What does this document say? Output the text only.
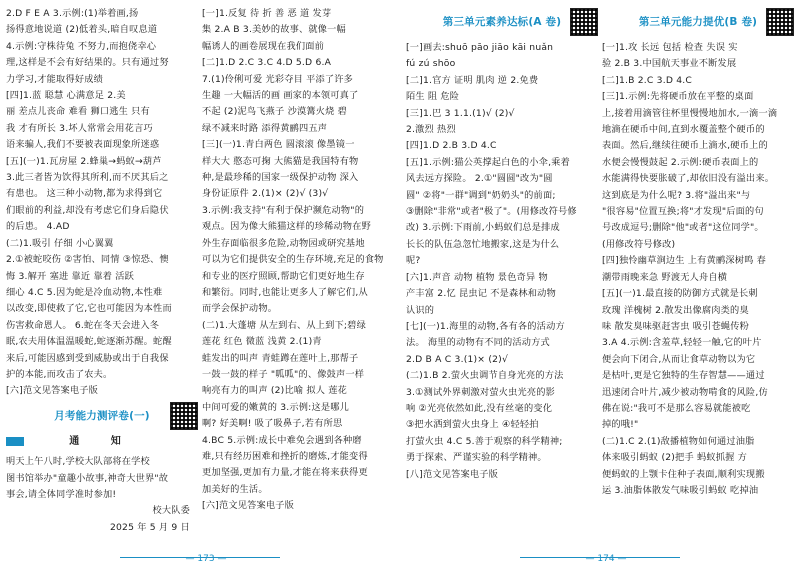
2.D F E A 3.示例:(1)举着画,扬
扬得意地说道 (2)低着头,暗自叹息道
4.示例:守株待兔 不努力,而抱侥幸心
理,这样是不会有好结果的。只有通过努
力学习,才能取得好成绩
[四]1.蓝 聪慧 心满意足 2.美
丽 差点儿丧命 难看 狮口逃生 只有
我 才有所长 3.坏人常常会用花言巧
语来骗人,我们不要被表面现象所迷惑
[五](一)1.瓦房屋 2.蜂巢→蚂蚁→葫芦
3.此三者皆为饮得其所利,而不厌其后之
有患也。 这三种小动物,都为求得到它
们眼前的利益,却没有考虑它们身后隐伏
的后患。 4.AD
(二)1.吸引 仔细 小心翼翼
2.①被蛇咬伤 ②害怕、同情 ③惊恐、懊
悔 3.解开 塞进 靠近 靠着 活跃
细心 4.C 5.因为蛇是冷血动物,本性难
以改变,即使救了它,它也可能因为本性而
伤害救命恩人。 6.蛇在冬天会进入冬
眠,农夫用体温温暖蛇,蛇逐渐苏醒。蛇醒
来后,可能因感到受到威胁或出于自我保
护的本能,而攻击了农夫。
[六]范文见答案电子版
月考能力测评卷(一)
通 知
明天上午八时,学校大队部将在学校
图书馆举办"童趣小故事,神奇大世界"故
事会,请全体同学准时参加!
校大队委
2025 年 5 月 9 日
[一]1.反复 待 折 善 恶 道 发芽
集 2.A B 3.美妙的故事、就像一幅
幅诱人的画卷展现在我们面前
[二]1.D 2.C 3.C 4.D 5.D 6.A
7.(1)伶俐可爱 光彩夺目 平添了许多
生趣 一大幅活的画 画家的本领可真了
不起 (2)泥鸟飞燕子 沙漠篝火烧 碧
绿不减来时路 添得黄鹂四五声
[三](一)1.青白两色 圆滚滚 像墨镜一
样大大 憨态可掬 大熊猫是我国特有物
种,是最珍稀的国家一级保护动物 深入
身份证原件 2.(1)× (2)√ (3)√
3.示例:我支持"有利于保护濒危动物"的
观点。因为像大熊猫这样的珍稀动物在野
外生存面临很多危险,动物园或研究基地
可以为它们提供安全的生存环境,充足的食物
和专业的医疗照顾,帮助它们更好地生存
和繁衍。同时,也能让更多人了解它们,从
而学会保护动物。
(二)1.大蓬塘 从左到右、从上到下;碧绿
莲花 红色 微蓝 浅黄 2.(1)青
蛙发出的叫声 青蛙蹲在莲叶上,那帮子
一鼓一鼓的样子 "呱呱"的、像鼓声一样
响亮有力的叫声 (2)比喻 拟人 莲花
中间可爱的嫩黄的 3.示例:这是哪儿
啊? 好美啊! 吸了吸鼻子,若有所思
4.BC 5.示例:成长中难免会遇到各种磨
难,只有经历困难和挫折的磨炼,才能变得
更加坚强,更加有力量,才能在将来获得更
加美好的生活。
[六]范文见答案电子版
— 173 —
第三单元素养达标(A 卷)
[一]画去:shuō pāo jiāo kāi nuǎn
fú zú shōo
[二]1.官方 证明 肌肉 逆 2.免费
陌生 阻 危险
[三]1.巴 3 1.1.(1)√ (2)√
2.激烈 热烈
[四]1.D 2.B 3.D 4.C
[五]1.示例:猫公英撑起白色的小伞,乘着
风去远方探险。 2.①"圆圆"改为"圆
圆" ②将"一群"调到"奶奶头"的前面;
③删除"非常"或者"极了"。(用修改符号修
改) 3.示例:下雨前,小蚂蚁们总是排成
长长的队伍急忽忙地搬家,这是为什么
呢?
[六]1.声音 动物 植物 景色奇异 物
产丰富 2.忆 昆虫记 不是森林和动物
认识的
[七](一)1.海里的动物,各有各的活动方
法。 海里的动物有不同的活动方式
2.D B A C 3.(1)× (2)√
(二)1.B 2.萤火虫调节自身光亮的方法
3.①测试外界刺激对萤火虫光亮的影
响 ②光亮依然如此,没有丝毫的变化
③把水洒到萤火虫身上 ④轻轻拍
打萤火虫 4.C 5.善于观察的科学精神;
勇于探索、严谨实验的科学精神。
[八]范文见答案电子版
第三单元能力提优(B 卷)
[一]1.攻 长远 包括 检查 失误 实
验 2.B 3.中国航天事业不断发展
[二]1.B 2.C 3.D 4.C
[三]1.示例:先将硬币放在平整的桌面
上,接着用滴管往杯里慢慢地加水,一滴一滴
地滴在硬币中间,直到水覆盖整个硬币的
表面。然后,继续往硬币上滴水,硬币上的
水便会慢慢鼓起 2.示例:硬币表面上的
水能满得快要胀破了,却依旧没有溢出来。
这到底是为什么呢? 3.将"溢出来"与
"很容易"位置互换;将"才发现"后面的句
号改成逗号;删除"他"或者"这位同学"。
(用修改符号修改)
[四]独怜幽草涧边生 上有黄鹂深树鸣 春
潮带雨晚来急 野渡无人舟自横
[五](一)1.最直接的防御方式就是长刺
玫瑰 洋槐树 2.散发出像腐肉类的臭
味 散发臭味驱赶害虫 吸引苍蝇传粉
3.A 4.示例:含羞草,轻轻一触,它的叶片
便会向下闭合,从而让食草动物以为它
是枯叶,更是它独特的生存智慧——通过
迅速闭合叶片,减少被动物啃食的风险,仿
佛在说:"我可不是那么容易就能被吃
掉的哦!"
(二)1.C 2.(1)敌播植物如何通过油脂
体来吸引蚂蚁 (2)把手 蚂蚁抓握 方
便蚂蚁的上颚卡住种子表面,顺利实现搬
运 3.油脂体散发气味吸引蚂蚁 吃掉油
— 174 —
